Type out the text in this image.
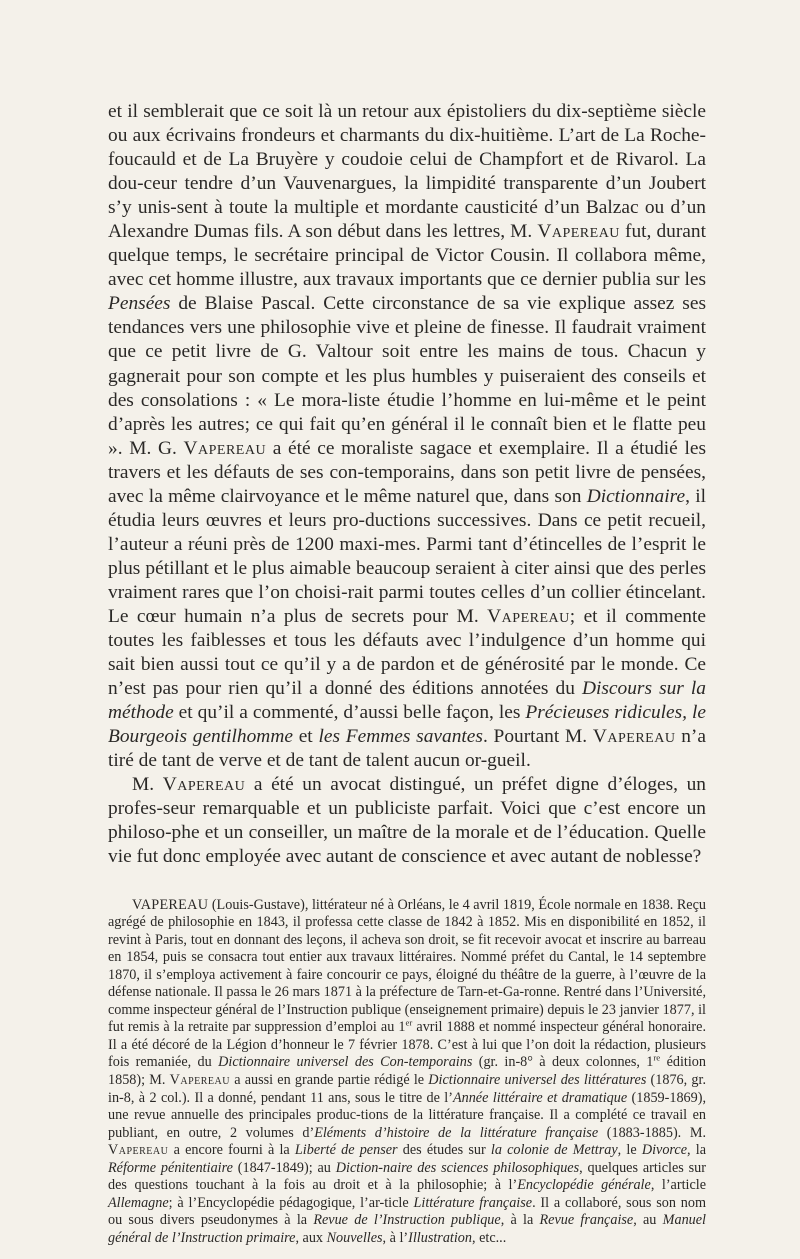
et il semblerait que ce soit là un retour aux épistoliers du dix-septième siècle ou aux écrivains frondeurs et charmants du dix-huitième. L’art de La Roche-foucauld et de La Bruyère y coudoie celui de Champfort et de Rivarol. La dou-ceur tendre d’un Vauvenargues, la limpidité transparente d’un Joubert s’y unis-sent à toute la multiple et mordante causticité d’un Balzac ou d’un Alexandre Dumas fils. A son début dans les lettres, M. Vapereau fut, durant quelque temps, le secrétaire principal de Victor Cousin. Il collabora même, avec cet homme illustre, aux travaux importants que ce dernier publia sur les Pensées de Blaise Pascal. Cette circonstance de sa vie explique assez ses tendances vers une philosophie vive et pleine de finesse. Il faudrait vraiment que ce petit livre de G. Valtour soit entre les mains de tous. Chacun y gagnerait pour son compte et les plus humbles y puiseraient des conseils et des consolations : « Le mora-liste étudie l’homme en lui-même et le peint d’après les autres; ce qui fait qu’en général il le connaît bien et le flatte peu ». M. G. Vapereau a été ce moraliste sagace et exemplaire. Il a étudié les travers et les défauts de ses con-temporains, dans son petit livre de pensées, avec la même clairvoyance et le même naturel que, dans son Dictionnaire, il étudia leurs œuvres et leurs pro-ductions successives. Dans ce petit recueil, l’auteur a réuni près de 1200 maxi-mes. Parmi tant d’étincelles de l’esprit le plus pétillant et le plus aimable beaucoup seraient à citer ainsi que des perles vraiment rares que l’on choisi-rait parmi toutes celles d’un collier étincelant. Le cœur humain n’a plus de secrets pour M. Vapereau; et il commente toutes les faiblesses et tous les défauts avec l’indulgence d’un homme qui sait bien aussi tout ce qu’il y a de pardon et de générosité par le monde. Ce n’est pas pour rien qu’il a donné des éditions annotées du Discours sur la méthode et qu’il a commenté, d’aussi belle façon, les Précieuses ridicules, le Bourgeois gentilhomme et les Femmes savantes. Pourtant M. Vapereau n’a tiré de tant de verve et de tant de talent aucun or-gueil.

M. Vapereau a été un avocat distingué, un préfet digne d’éloges, un profes-seur remarquable et un publiciste parfait. Voici que c’est encore un philoso-phe et un conseiller, un maître de la morale et de l’éducation. Quelle vie fut donc employée avec autant de conscience et avec autant de noblesse?

VAPEREAU (Louis-Gustave), littérateur né à Orléans, le 4 avril 1819, École normale en 1838. Reçu agrégé de philosophie en 1843, il professa cette classe de 1842 à 1852. Mis en disponibilité en 1852, il revint à Paris, tout en donnant des leçons, il acheva son droit, se fit recevoir avocat et inscrire au barreau en 1854, puis se consacra tout entier aux travaux littéraires. Nommé préfet du Cantal, le 14 septembre 1870, il s’employa activement à faire concourir ce pays, éloigné du théâtre de la guerre, à l’œuvre de la défense nationale. Il passa le 26 mars 1871 à la préfecture de Tarn-et-Ga-ronne. Rentré dans l’Université, comme inspecteur général de l’Instruction publique (enseignement primaire) depuis le 23 janvier 1877, il fut remis à la retraite par suppression d’emploi au 1er avril 1888 et nommé inspecteur général honoraire. Il a été décoré de la Légion d’honneur le 7 février 1878. C’est à lui que l’on doit la rédaction, plusieurs fois remaniée, du Dictionnaire universel des Con-temporains (gr. in-8° à deux colonnes, 1re édition 1858); M. Vapereau a aussi en grande partie rédigé le Dictionnaire universel des littératures (1876, gr. in-8, à 2 col.). Il a donné, pendant 11 ans, sous le titre de l’Année littéraire et dramatique (1859-1869), une revue annuelle des principales produc-tions de la littérature française. Il a complété ce travail en publiant, en outre, 2 volumes d’Eléments d’histoire de la littérature française (1883-1885). M. Vapereau a encore fourni à la Liberté de penser des études sur la colonie de Mettray, le Divorce, la Réforme pénitentiaire (1847-1849); au Diction-naire des sciences philosophiques, quelques articles sur des questions touchant à la fois au droit et à la philosophie; à l’Encyclopédie générale, l’article Allemagne; à l’Encyclopédie pédagogique, l’ar-ticle Littérature française. Il a collaboré, sous son nom ou sous divers pseudonymes à la Revue de l’Instruction publique, à la Revue française, au Manuel général de l’Instruction primaire, aux Nouvelles, à l’Illustration, etc...
